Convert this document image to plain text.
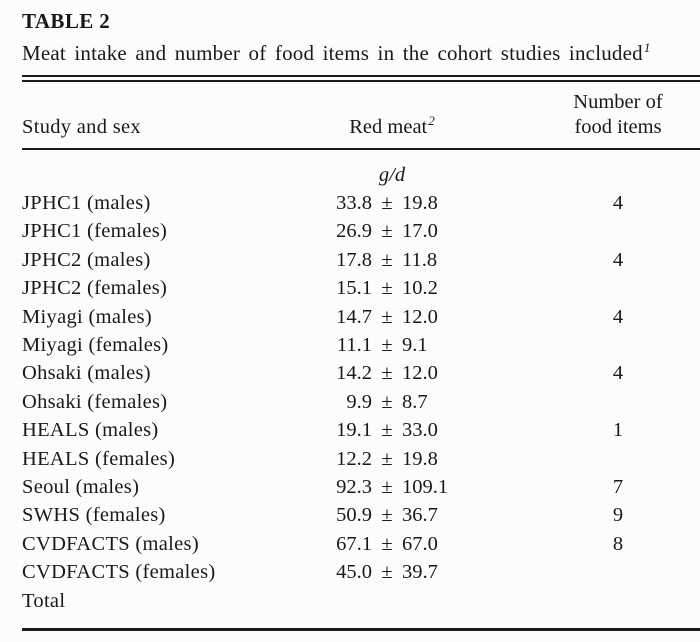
TABLE 2
Meat intake and number of food items in the cohort studies included$^1$
Study and sex	Red meat$^2$
Number of
food items
g/d
JPHC1 (males)	33.8 ± 19.8	4
JPHC1 (females)	26.9 ± 17.0
JPHC2 (males)	17.8 ± 11.8	4
JPHC2 (females)	15.1 ± 10.2
Miyagi (males)	14.7 ± 12.0	4
Miyagi (females)	11.1 ± 9.1
Ohsaki (males)	14.2 ± 12.0	4
Ohsaki (females)	9.9 ± 8.7
HEALS (males)	19.1 ± 33.0	1
HEALS (females)	12.2 ± 19.8
Seoul (males)	92.3 ± 109.1	7
SWHS (females)	50.9 ± 36.7	9
CVDFACTS (males)	67.1 ± 67.0	8
CVDFACTS (females)	45.0 ± 39.7
Total
